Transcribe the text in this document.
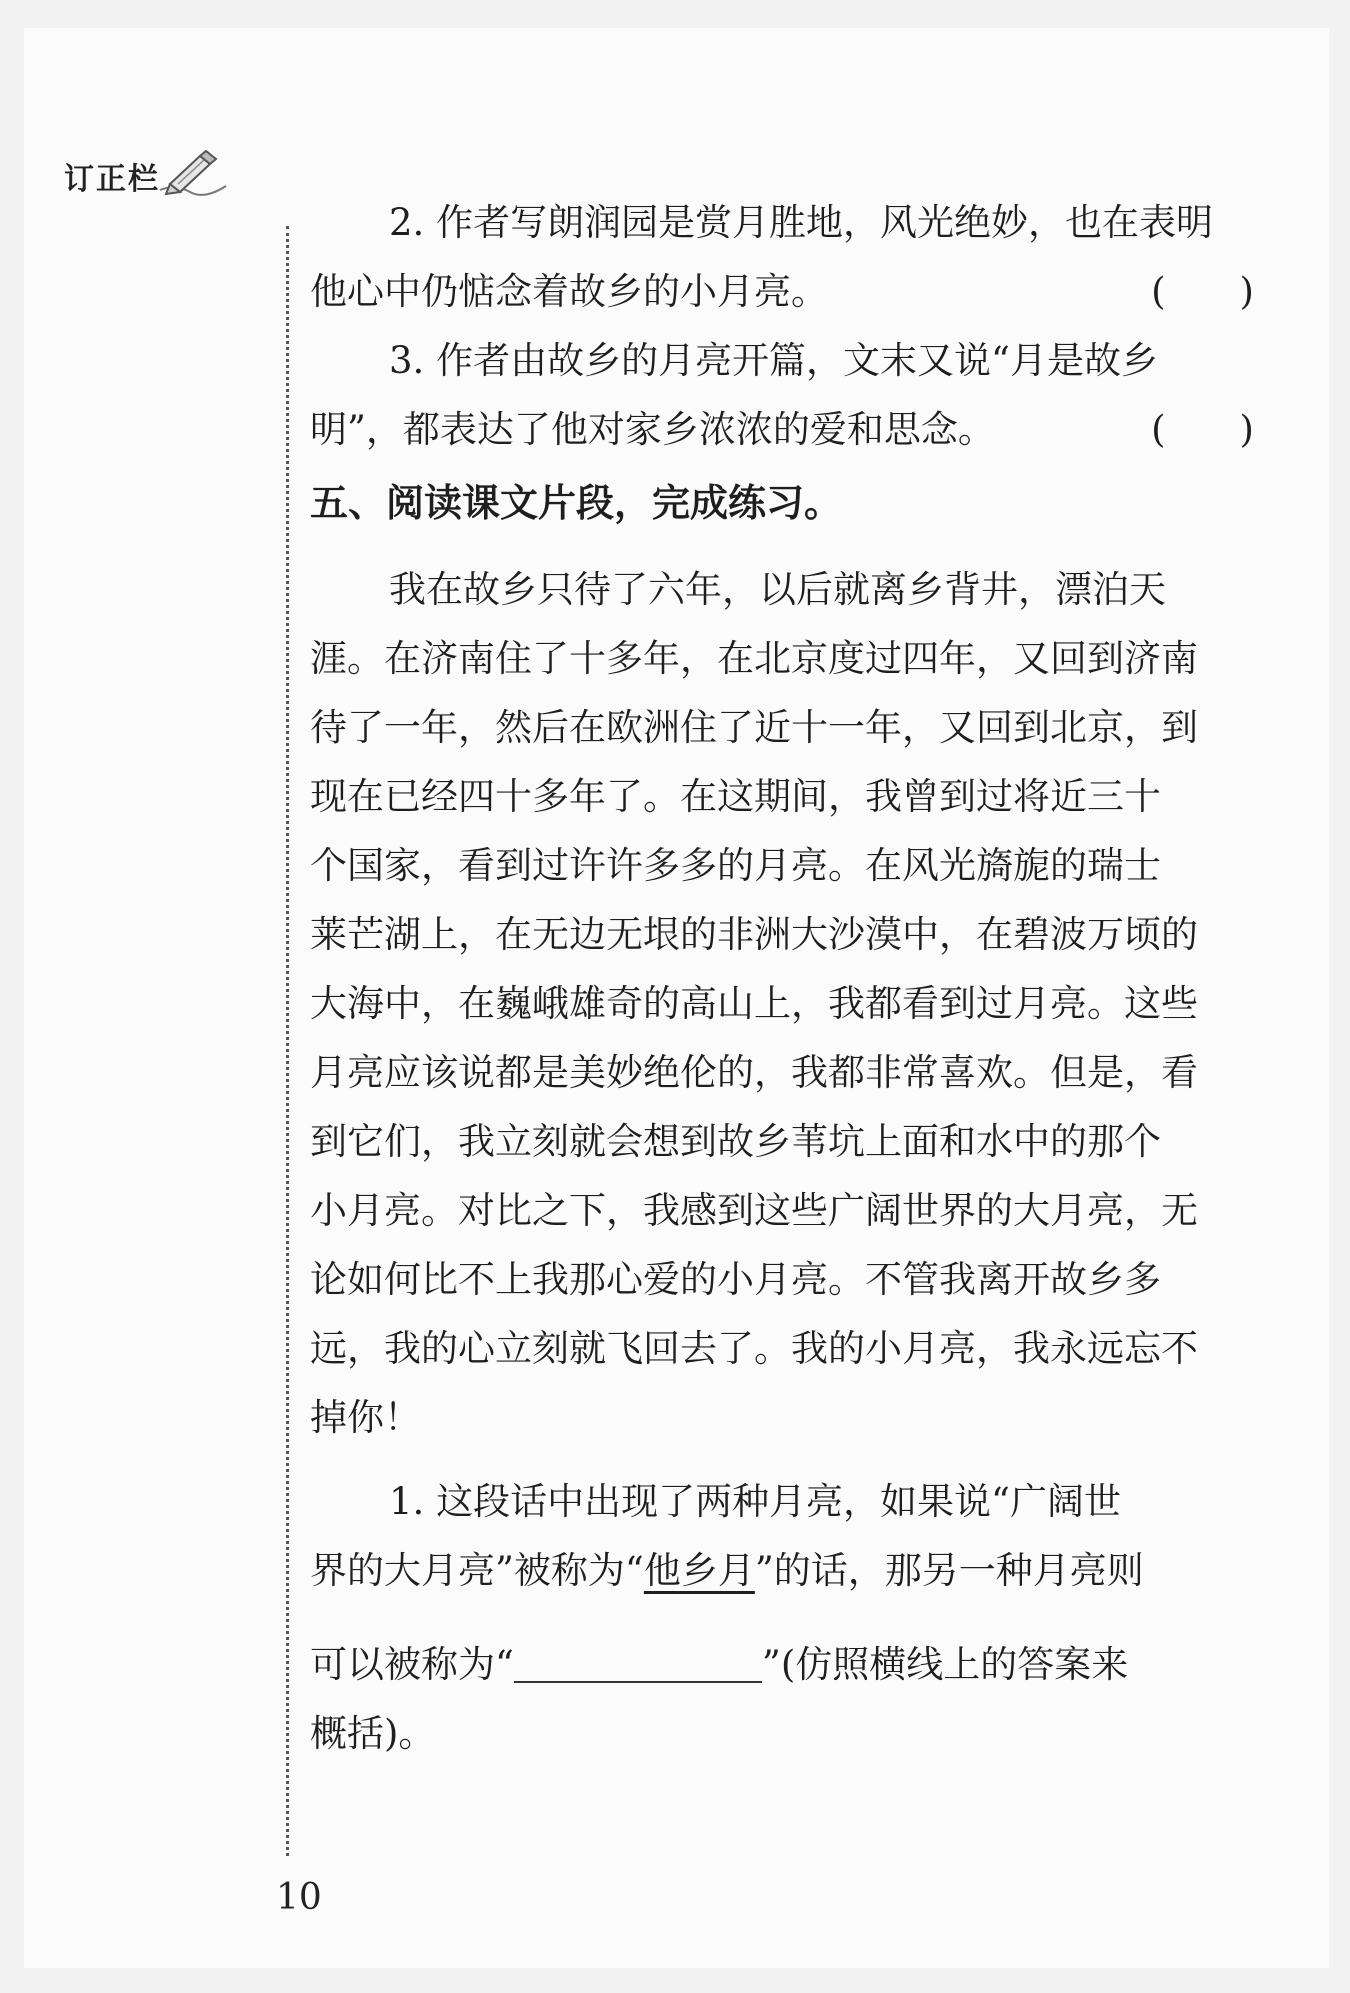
订正栏

2. 作者写朗润园是赏月胜地，风光绝妙，也在表明

他心中仍惦念着故乡的小月亮。	(　　)

3. 作者由故乡的月亮开篇，文末又说“月是故乡

明”，都表达了他对家乡浓浓的爱和思念。	(　　)

五、阅读课文片段，完成练习。

我在故乡只待了六年，以后就离乡背井，漂泊天

涯。在济南住了十多年，在北京度过四年，又回到济南

待了一年，然后在欧洲住了近十一年，又回到北京，到

现在已经四十多年了。在这期间，我曾到过将近三十

个国家，看到过许许多多的月亮。在风光旖旎的瑞士

莱芒湖上，在无边无垠的非洲大沙漠中，在碧波万顷的

大海中，在巍峨雄奇的高山上，我都看到过月亮。这些

月亮应该说都是美妙绝伦的，我都非常喜欢。但是，看

到它们，我立刻就会想到故乡苇坑上面和水中的那个

小月亮。对比之下，我感到这些广阔世界的大月亮，无

论如何比不上我那心爱的小月亮。不管我离开故乡多

远，我的心立刻就飞回去了。我的小月亮，我永远忘不

掉你！

1. 这段话中出现了两种月亮，如果说“广阔世

界的大月亮”被称为“他乡月”的话，那另一种月亮则

可以被称为“	”(仿照横线上的答案来

概括)。

10
